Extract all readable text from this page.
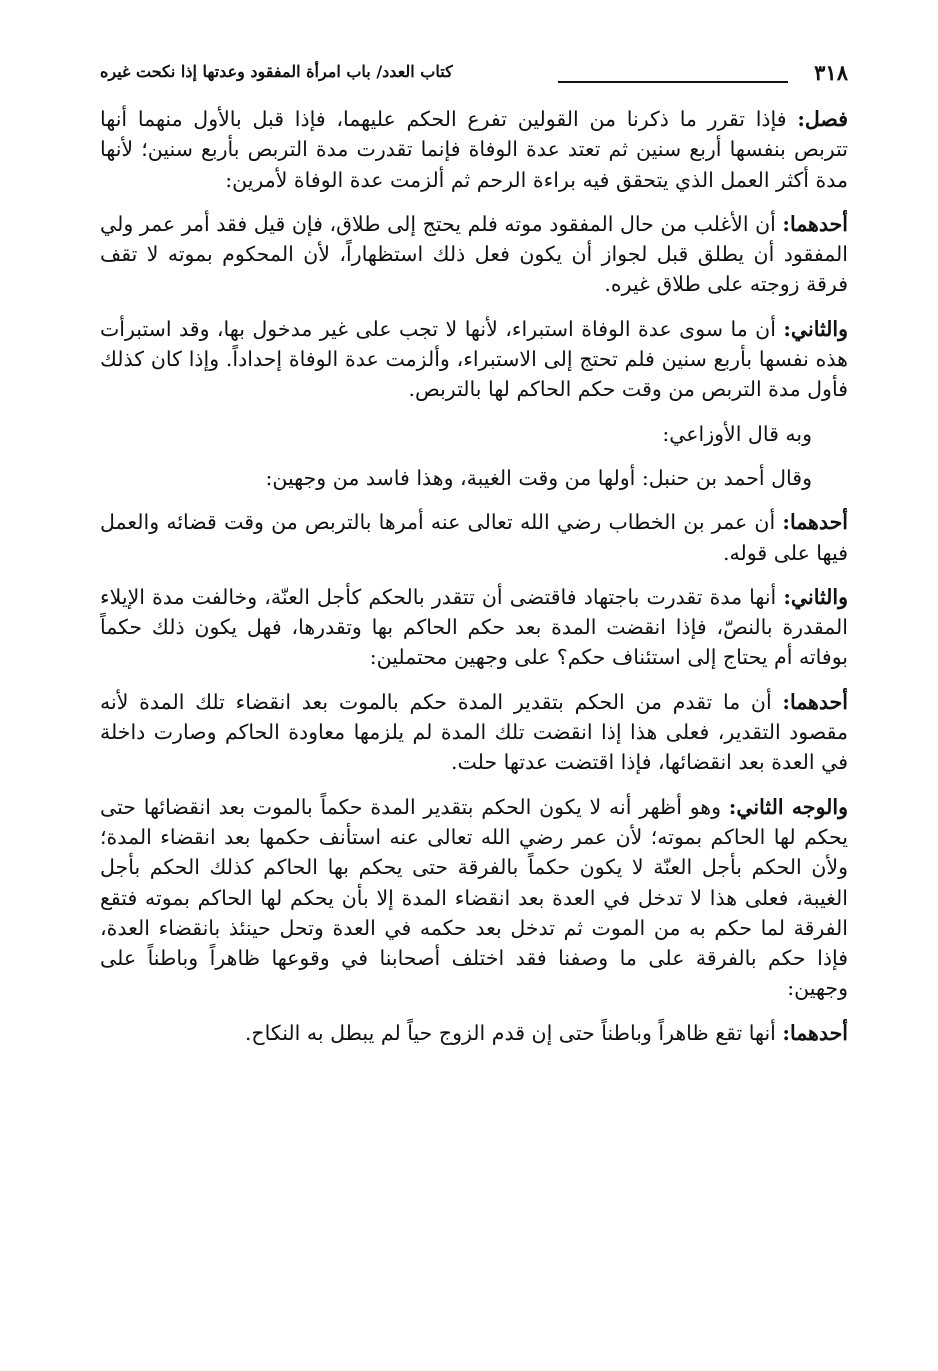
٣١٨
كتاب العدد/ باب امرأة المفقود وعدتها إذا نكحت غيره

فصل: فإذا تقرر ما ذكرنا من القولين تفرع الحكم عليهما، فإذا قبل بالأول منهما أنها تتربص بنفسها أربع سنين ثم تعتد عدة الوفاة فإنما تقدرت مدة التربص بأربع سنين؛ لأنها مدة أكثر العمل الذي يتحقق فيه براءة الرحم ثم ألزمت عدة الوفاة لأمرين:

أحدهما: أن الأغلب من حال المفقود موته فلم يحتج إلى طلاق، فإن قيل فقد أمر عمر ولي المفقود أن يطلق قبل لجواز أن يكون فعل ذلك استظهاراً، لأن المحكوم بموته لا تقف فرقة زوجته على طلاق غيره.

والثاني: أن ما سوى عدة الوفاة استبراء، لأنها لا تجب على غير مدخول بها، وقد استبرأت هذه نفسها بأربع سنين فلم تحتج إلى الاستبراء، وألزمت عدة الوفاة إحداداً. وإذا كان كذلك فأول مدة التربص من وقت حكم الحاكم لها بالتربص.

وبه قال الأوزاعي:

وقال أحمد بن حنبل: أولها من وقت الغيبة، وهذا فاسد من وجهين:

أحدهما: أن عمر بن الخطاب رضي الله تعالى عنه أمرها بالتربص من وقت قضائه والعمل فيها على قوله.

والثاني: أنها مدة تقدرت باجتهاد فاقتضى أن تتقدر بالحكم كأجل العنّة، وخالفت مدة الإيلاء المقدرة بالنصّ، فإذا انقضت المدة بعد حكم الحاكم بها وتقدرها، فهل يكون ذلك حكماً بوفاته أم يحتاج إلى استئناف حكم؟ على وجهين محتملين:

أحدهما: أن ما تقدم من الحكم بتقدير المدة حكم بالموت بعد انقضاء تلك المدة لأنه مقصود التقدير، فعلى هذا إذا انقضت تلك المدة لم يلزمها معاودة الحاكم وصارت داخلة في العدة بعد انقضائها، فإذا اقتضت عدتها حلت.

والوجه الثاني: وهو أظهر أنه لا يكون الحكم بتقدير المدة حكماً بالموت بعد انقضائها حتى يحكم لها الحاكم بموته؛ لأن عمر رضي الله تعالى عنه استأنف حكمها بعد انقضاء المدة؛ ولأن الحكم بأجل العنّة لا يكون حكماً بالفرقة حتى يحكم بها الحاكم كذلك الحكم بأجل الغيبة، فعلى هذا لا تدخل في العدة بعد انقضاء المدة إلا بأن يحكم لها الحاكم بموته فتقع الفرقة لما حكم به من الموت ثم تدخل بعد حكمه في العدة وتحل حينئذ بانقضاء العدة، فإذا حكم بالفرقة على ما وصفنا فقد اختلف أصحابنا في وقوعها ظاهراً وباطناً على وجهين:

أحدهما: أنها تقع ظاهراً وباطناً حتى إن قدم الزوج حياً لم يبطل به النكاح.
